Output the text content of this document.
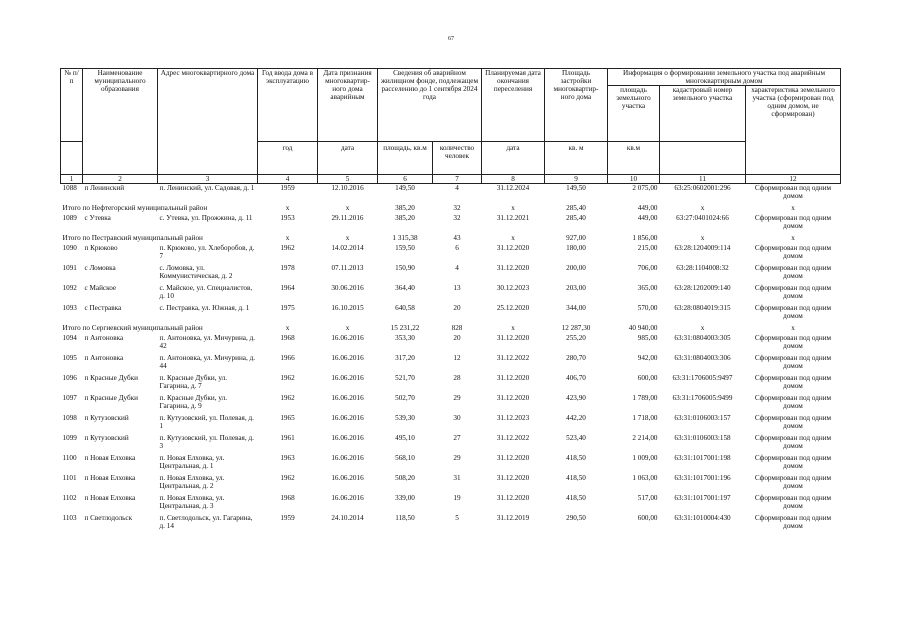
67
№ п/п	Наименование муниципального образования	Адрес многоквартирного дома	Год ввода дома в эксплуатацию	Дата признания многоквартир-ного дома аварийным	Сведения об аварийном жилищном фонде, подлежащем расселению до 1 сентября 2024 года		Планируемая дата окончания переселения	Площадь застройки многоквартир-ного дома	Информация о формировании земельного участка под аварийным многоквартирным домом		
									площадь земельного участка	кадастровый номер земельного участка	характеристика земельного участка (сформирован под одним домом, не сформирован)
			год	дата	площадь, кв.м	количество человек	дата	кв. м	кв.м		
1	2	3	4	5	6	7	8	9	10	11	12
1088	п Ленинский	п. Ленинский, ул. Садовая, д. 1	1959	12.10.2016	149,50	4	31.12.2024	149,50	2 075,00	63:25:0602001:296	Сформирован под одним домом
Итого по Нефтегорский муниципальный район			x	x	385,20	32	x	285,40	449,00	x	x
1089	с Утевка	с. Утевка, ул. Прожжина, д. 11	1953	29.11.2016	385,20	32	31.12.2021	285,40	449,00	63:27:0401024:66	Сформирован под одним домом
Итого по Пестравский муниципальный район			x	x	1 315,38	43	x	927,00	1 856,00	x	x
1090	п Крюково	п. Крюково, ул. Хлеборобов, д. 7	1962	14.02.2014	159,50	6	31.12.2020	180,00	215,00	63:28:1204009:114	Сформирован под одним домом
1091	с Ломовка	с. Ломовка, ул. Коммунистическая, д. 2	1978	07.11.2013	150,90	4	31.12.2020	200,00	706,00	63:28:1104008:32	Сформирован под одним домом
1092	с Майское	с. Майское, ул. Специалистов, д. 10	1964	30.06.2016	364,40	13	30.12.2023	203,00	365,00	63:28:1202009:140	Сформирован под одним домом
1093	с Пестравка	с. Пестравка, ул. Южная, д. 1	1975	16.10.2015	640,58	20	25.12.2020	344,00	570,00	63:28:0804019:315	Сформирован под одним домом
Итого по Сергиевский муниципальный район			x	x	15 231,22	828	x	12 287,30	40 940,00	x	x
1094	п Антоновка	п. Антоновка, ул. Мичурина, д. 42	1968	16.06.2016	353,30	20	31.12.2020	255,20	985,00	63:31:0804003:305	Сформирован под одним домом
1095	п Антоновка	п. Антоновка, ул. Мичурина, д. 44	1966	16.06.2016	317,20	12	31.12.2022	280,70	942,00	63:31:0804003:306	Сформирован под одним домом
1096	п Красные Дубки	п. Красные Дубки, ул. Гагарина, д. 7	1962	16.06.2016	521,70	28	31.12.2020	406,70	600,00	63:31:1706005:9497	Сформирован под одним домом
1097	п Красные Дубки	п. Красные Дубки, ул. Гагарина, д. 9	1962	16.06.2016	502,70	29	31.12.2020	423,90	1 789,00	63:31:1706005:9499	Сформирован под одним домом
1098	п Кутузовский	п. Кутузовский, ул. Полевая, д. 1	1965	16.06.2016	539,30	30	31.12.2023	442,20	1 718,00	63:31:0106003:157	Сформирован под одним домом
1099	п Кутузовский	п. Кутузовский, ул. Полевая, д. 3	1961	16.06.2016	495,10	27	31.12.2022	523,40	2 214,00	63:31:0106003:158	Сформирован под одним домом
1100	п Новая Елховка	п. Новая Елховка, ул. Центральная, д. 1	1963	16.06.2016	568,10	29	31.12.2020	418,50	1 009,00	63:31:1017001:198	Сформирован под одним домом
1101	п Новая Елховка	п. Новая Елховка, ул. Центральная, д. 2	1962	16.06.2016	508,20	31	31.12.2020	418,50	1 063,00	63:31:1017001:196	Сформирован под одним домом
1102	п Новая Елховка	п. Новая Елховка, ул. Центральная, д. 3	1968	16.06.2016	339,00	19	31.12.2020	418,50	517,00	63:31:1017001:197	Сформирован под одним домом
1103	п Светлодольск	п. Светлодольск, ул. Гагарина, д. 14	1959	24.10.2014	118,50	5	31.12.2019	290,50	600,00	63:31:1010004:430	Сформирован под одним домом
